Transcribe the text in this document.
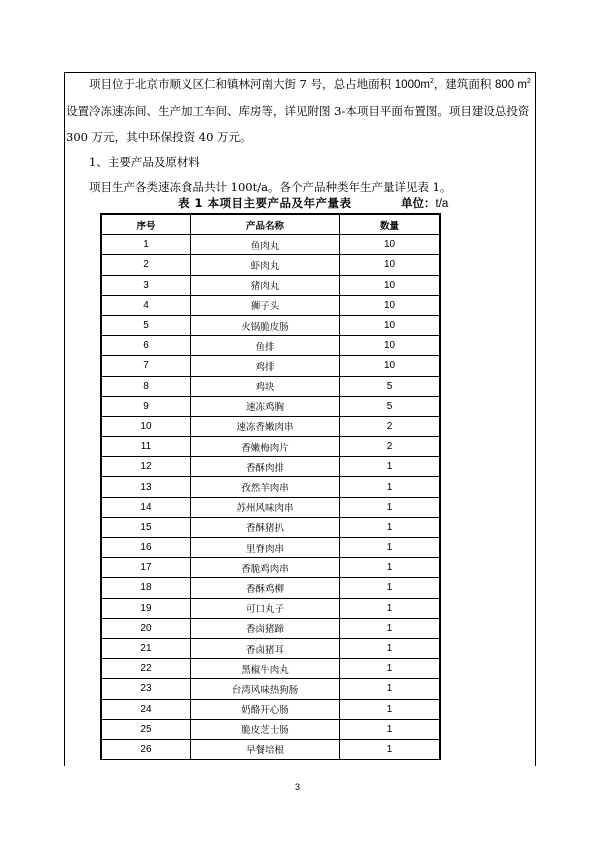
项目位于北京市顺义区仁和镇林河南大街 7 号，总占地面积 $1000m^2$，建筑面积 800 $m^2$设置冷冻速冻间、生产加工车间、库房等，详见附图 3-本项目平面布置图。项目建设总投资 300 万元，其中环保投资 40 万元。

1、主要产品及原材料

项目生产各类速冻食品共计 100t/a。各个产品种类年生产量详见表 1。

表 1 本项目主要产品及年产量表	单位：t/a
序号	产品名称	数量
1	鱼肉丸	10
2	虾肉丸	10
3	猪肉丸	10
4	狮子头	10
5	火锅脆皮肠	10
6	鱼排	10
7	鸡排	10
8	鸡块	5
9	速冻鸡胸	5
10	速冻香嫩肉串	2
11	香嫩梅肉片	2
12	香酥肉排	1
13	孜然羊肉串	1
14	苏州风味肉串	1
15	香酥猪扒	1
16	里脊肉串	1
17	香脆鸡肉串	1
18	香酥鸡柳	1
19	可口丸子	1
20	香卤猪蹄	1
21	香卤猪耳	1
22	黑椒牛肉丸	1
23	台湾风味热狗肠	1
24	奶酪开心肠	1
25	脆皮芝士肠	1
26	早餐培根	1
3
